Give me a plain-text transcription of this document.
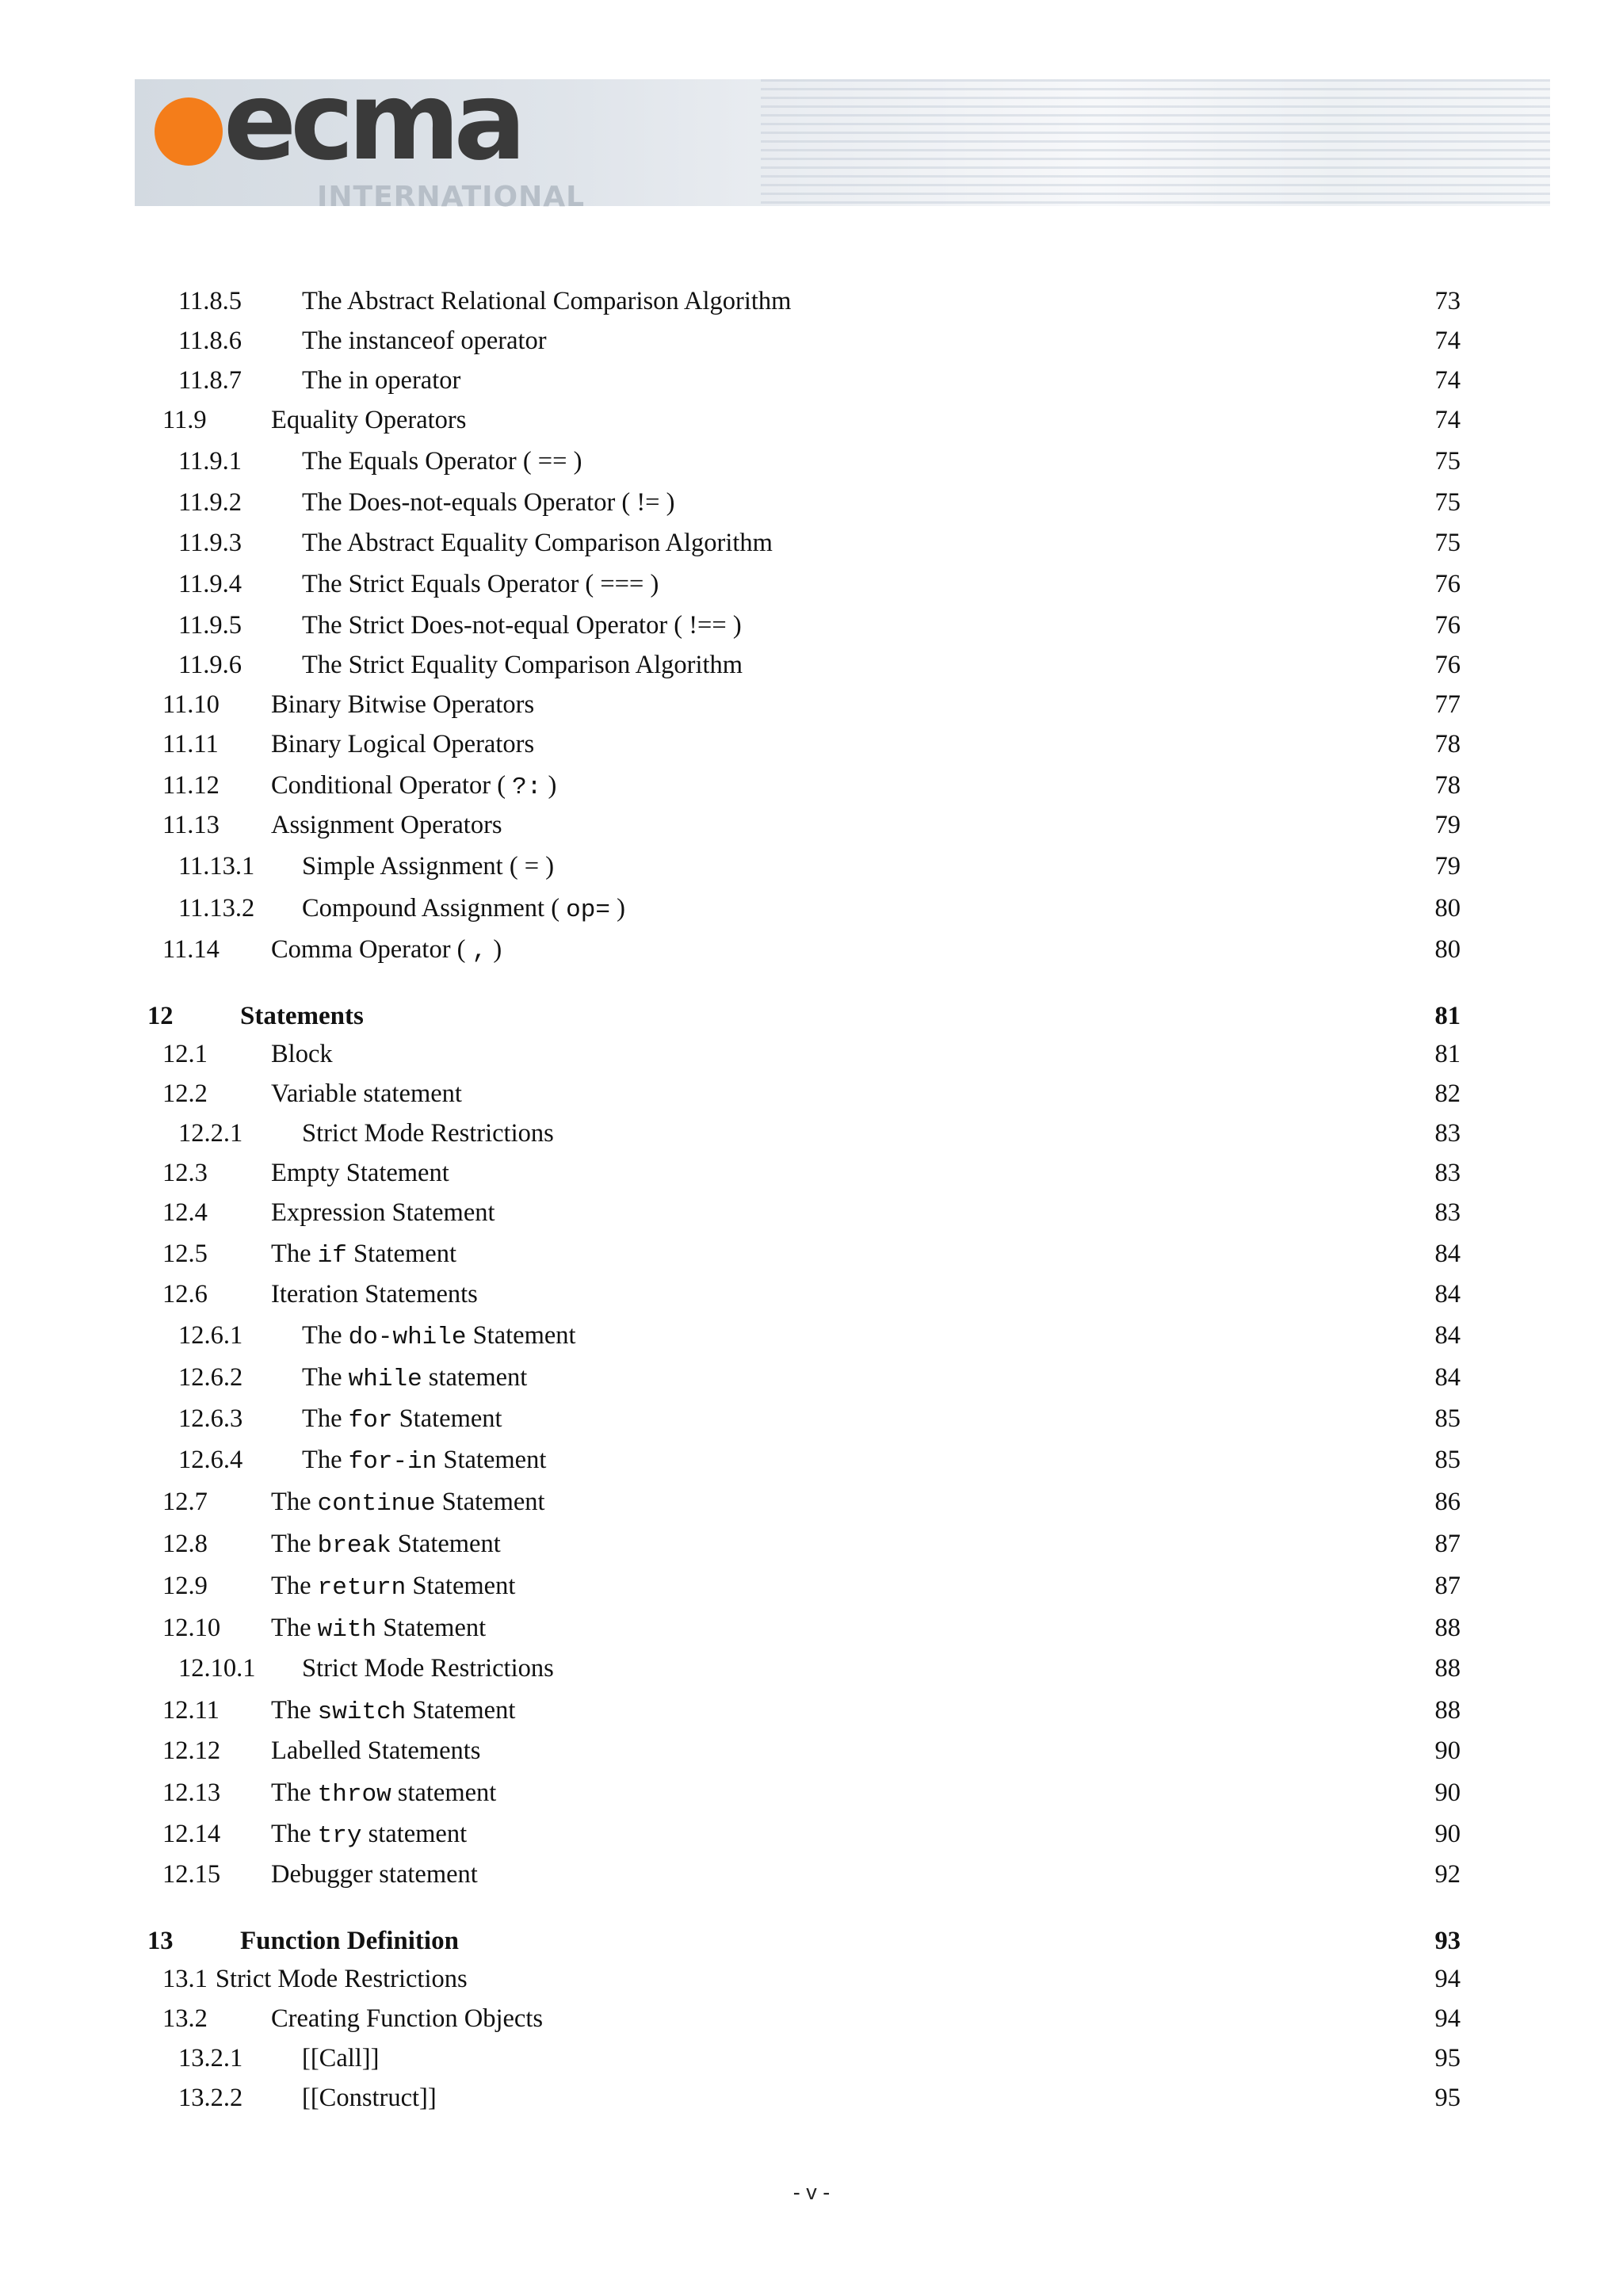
ecma
INTERNATIONAL
11.8.5 The Abstract Relational Comparison Algorithm	73
11.8.6 The instanceof operator	74
11.8.7 The in operator	74
11.9	Equality Operators	74
11.9.1 The Equals Operator ( == )	75
11.9.2 The Does-not-equals Operator ( != )	75
11.9.3 The Abstract Equality Comparison Algorithm	75
11.9.4 The Strict Equals Operator ( === )	76
11.9.5 The Strict Does-not-equal Operator ( !== )	76
11.9.6 The Strict Equality Comparison Algorithm	76
11.10 Binary Bitwise Operators	77
11.11 Binary Logical Operators	78
11.12 Conditional Operator ( ?: )	78
11.13 Assignment Operators	79
11.13.1 Simple Assignment ( = )	79
11.13.2 Compound Assignment ( op= )	80
11.14 Comma Operator ( , )	80
12	Statements	81
12.1 Block	81
12.2 Variable statement	82
12.2.1 Strict Mode Restrictions	83
12.3 Empty Statement	83
12.4 Expression Statement	83
12.5 The if Statement	84
12.6 Iteration Statements	84
12.6.1 The do-while Statement	84
12.6.2 The while statement	84
12.6.3 The for Statement	85
12.6.4 The for-in Statement	85
12.7 The continue Statement	86
12.8 The break Statement	87
12.9 The return Statement	87
12.10 The with Statement	88
12.10.1 Strict Mode Restrictions	88
12.11 The switch Statement	88
12.12 Labelled Statements	90
12.13 The throw statement	90
12.14 The try statement	90
12.15 Debugger statement	92
13	Function Definition	93
13.1 Strict Mode Restrictions	94
13.2 Creating Function Objects	94
13.2.1 [[Call]]	95
13.2.2 [[Construct]]	95
- v -
